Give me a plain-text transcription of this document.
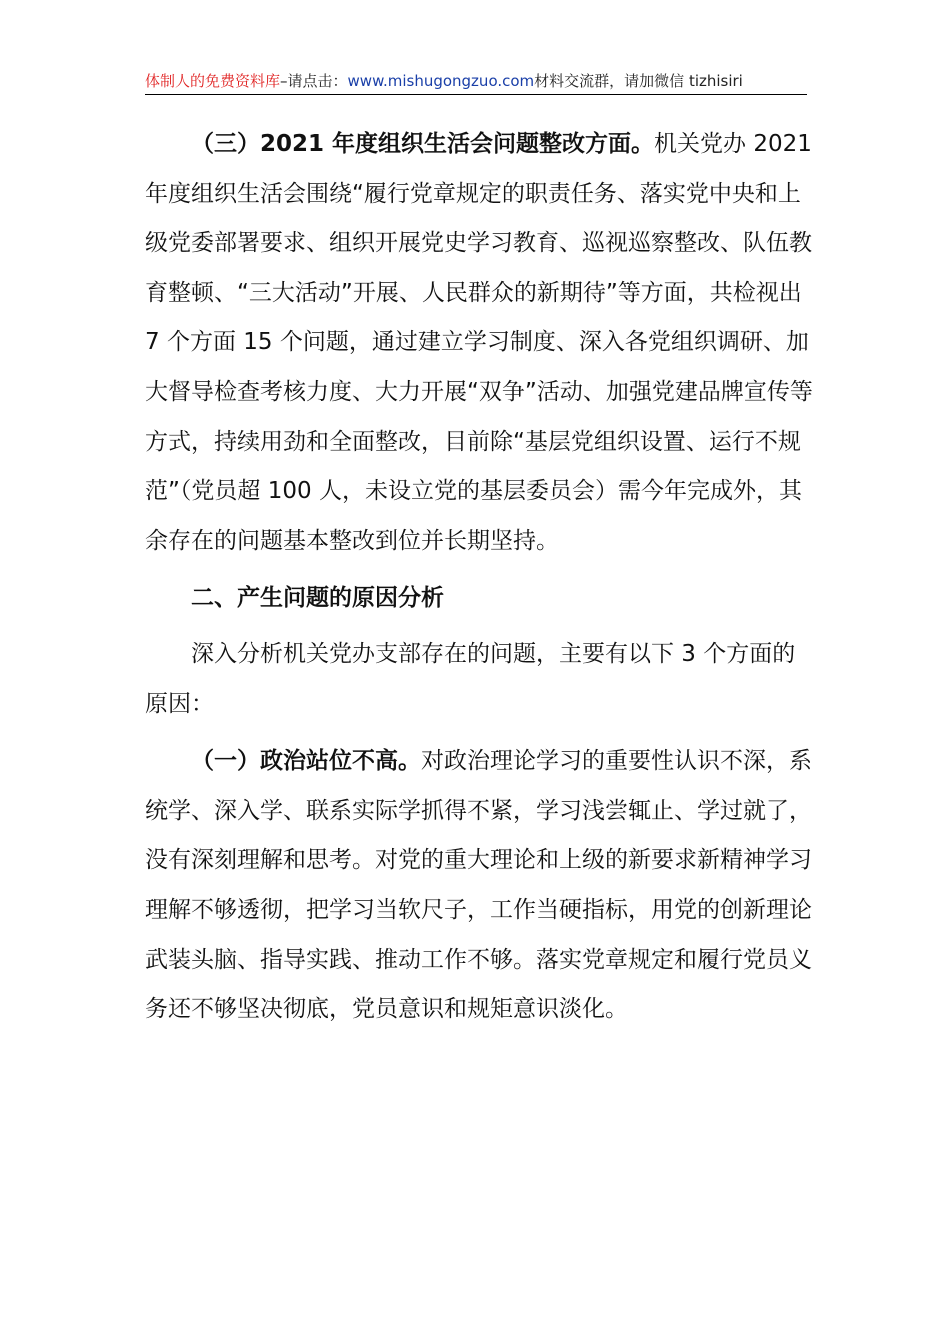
体制人的免费资料库–请点击：www.mishugongzuo.com材料交流群，请加微信 tizhisiri

（三）2021 年度组织生活会问题整改方面。机关党办 2021 年度组织生活会围绕“履行党章规定的职责任务、落实党中央和上级党委部署要求、组织开展党史学习教育、巡视巡察整改、队伍教育整顿、“三大活动”开展、人民群众的新期待”等方面，共检视出 7 个方面 15 个问题，通过建立学习制度、深入各党组织调研、加大督导检查考核力度、大力开展“双争”活动、加强党建品牌宣传等方式，持续用劲和全面整改，目前除“基层党组织设置、运行不规范”（党员超 100 人，未设立党的基层委员会）需今年完成外，其余存在的问题基本整改到位并长期坚持。

二、产生问题的原因分析

深入分析机关党办支部存在的问题，主要有以下 3 个方面的原因：

（一）政治站位不高。对政治理论学习的重要性认识不深，系统学、深入学、联系实际学抓得不紧，学习浅尝辄止、学过就了，没有深刻理解和思考。对党的重大理论和上级的新要求新精神学习理解不够透彻，把学习当软尺子，工作当硬指标，用党的创新理论武装头脑、指导实践、推动工作不够。落实党章规定和履行党员义务还不够坚决彻底，党员意识和规矩意识淡化。
